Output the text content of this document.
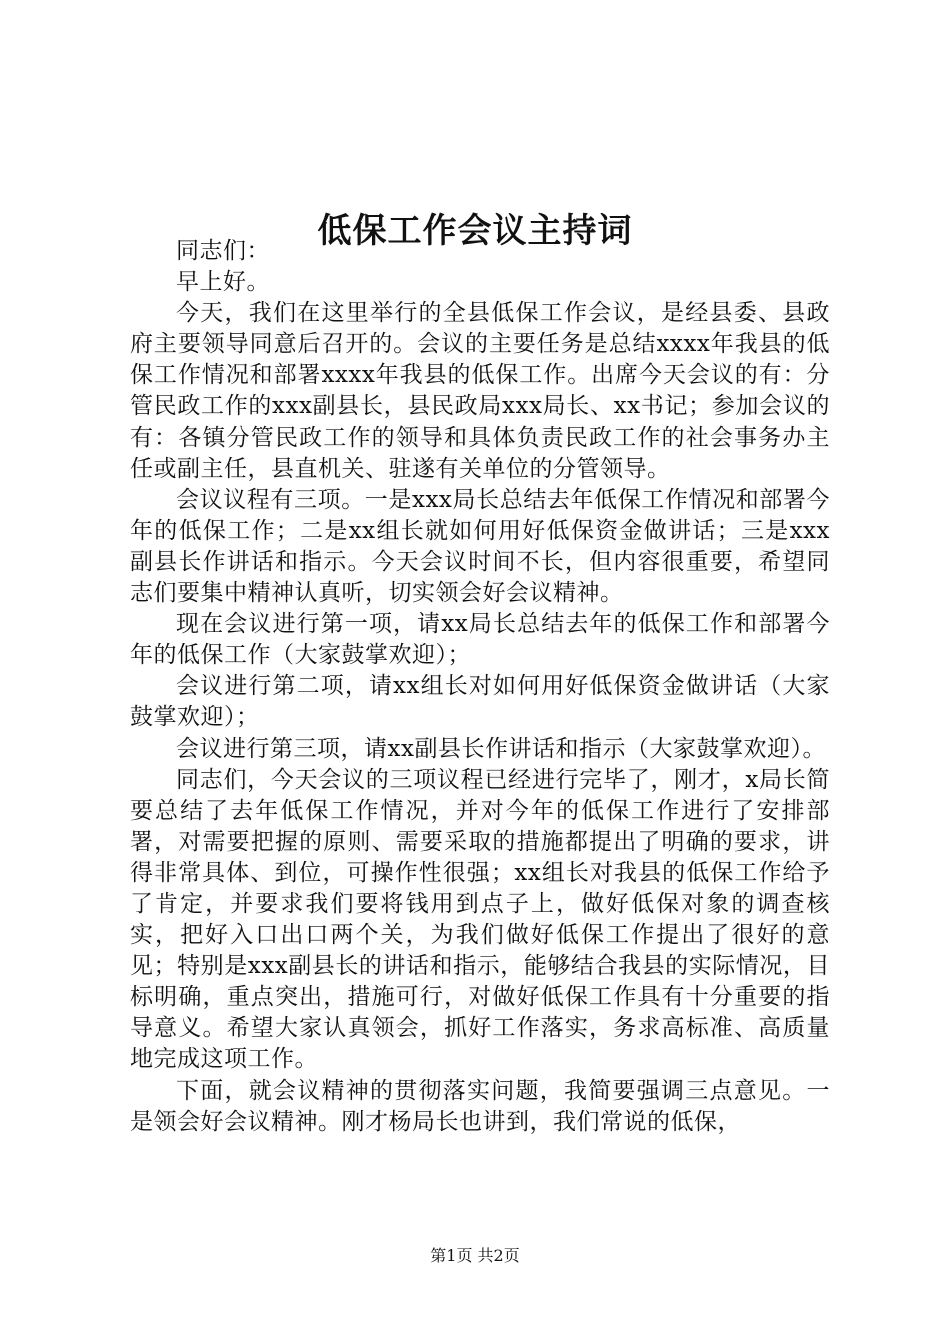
低保工作会议主持词

同志们：

早上好。

今天，我们在这里举行的全县低保工作会议，是经县委、县政府主要领导同意后召开的。会议的主要任务是总结xxxx年我县的低保工作情况和部署xxxx年我县的低保工作。出席今天会议的有：分管民政工作的xxx副县长，县民政局xxx局长、xx书记；参加会议的有：各镇分管民政工作的领导和具体负责民政工作的社会事务办主任或副主任，县直机关、驻遂有关单位的分管领导。

会议议程有三项。一是xxx局长总结去年低保工作情况和部署今年的低保工作；二是xx组长就如何用好低保资金做讲话；三是xxx副县长作讲话和指示。今天会议时间不长，但内容很重要，希望同志们要集中精神认真听，切实领会好会议精神。

现在会议进行第一项，请xx局长总结去年的低保工作和部署今年的低保工作（大家鼓掌欢迎）；

会议进行第二项，请xx组长对如何用好低保资金做讲话（大家鼓掌欢迎）；

会议进行第三项，请xx副县长作讲话和指示（大家鼓掌欢迎）。

同志们，今天会议的三项议程已经进行完毕了，刚才，x局长简要总结了去年低保工作情况，并对今年的低保工作进行了安排部署，对需要把握的原则、需要采取的措施都提出了明确的要求，讲得非常具体、到位，可操作性很强；xx组长对我县的低保工作给予了肯定，并要求我们要将钱用到点子上，做好低保对象的调查核实，把好入口出口两个关，为我们做好低保工作提出了很好的意见；特别是xxx副县长的讲话和指示，能够结合我县的实际情况，目标明确，重点突出，措施可行，对做好低保工作具有十分重要的指导意义。希望大家认真领会，抓好工作落实，务求高标准、高质量地完成这项工作。

下面，就会议精神的贯彻落实问题，我简要强调三点意见。一是领会好会议精神。刚才杨局长也讲到，我们常说的低保，

第1页 共2页
